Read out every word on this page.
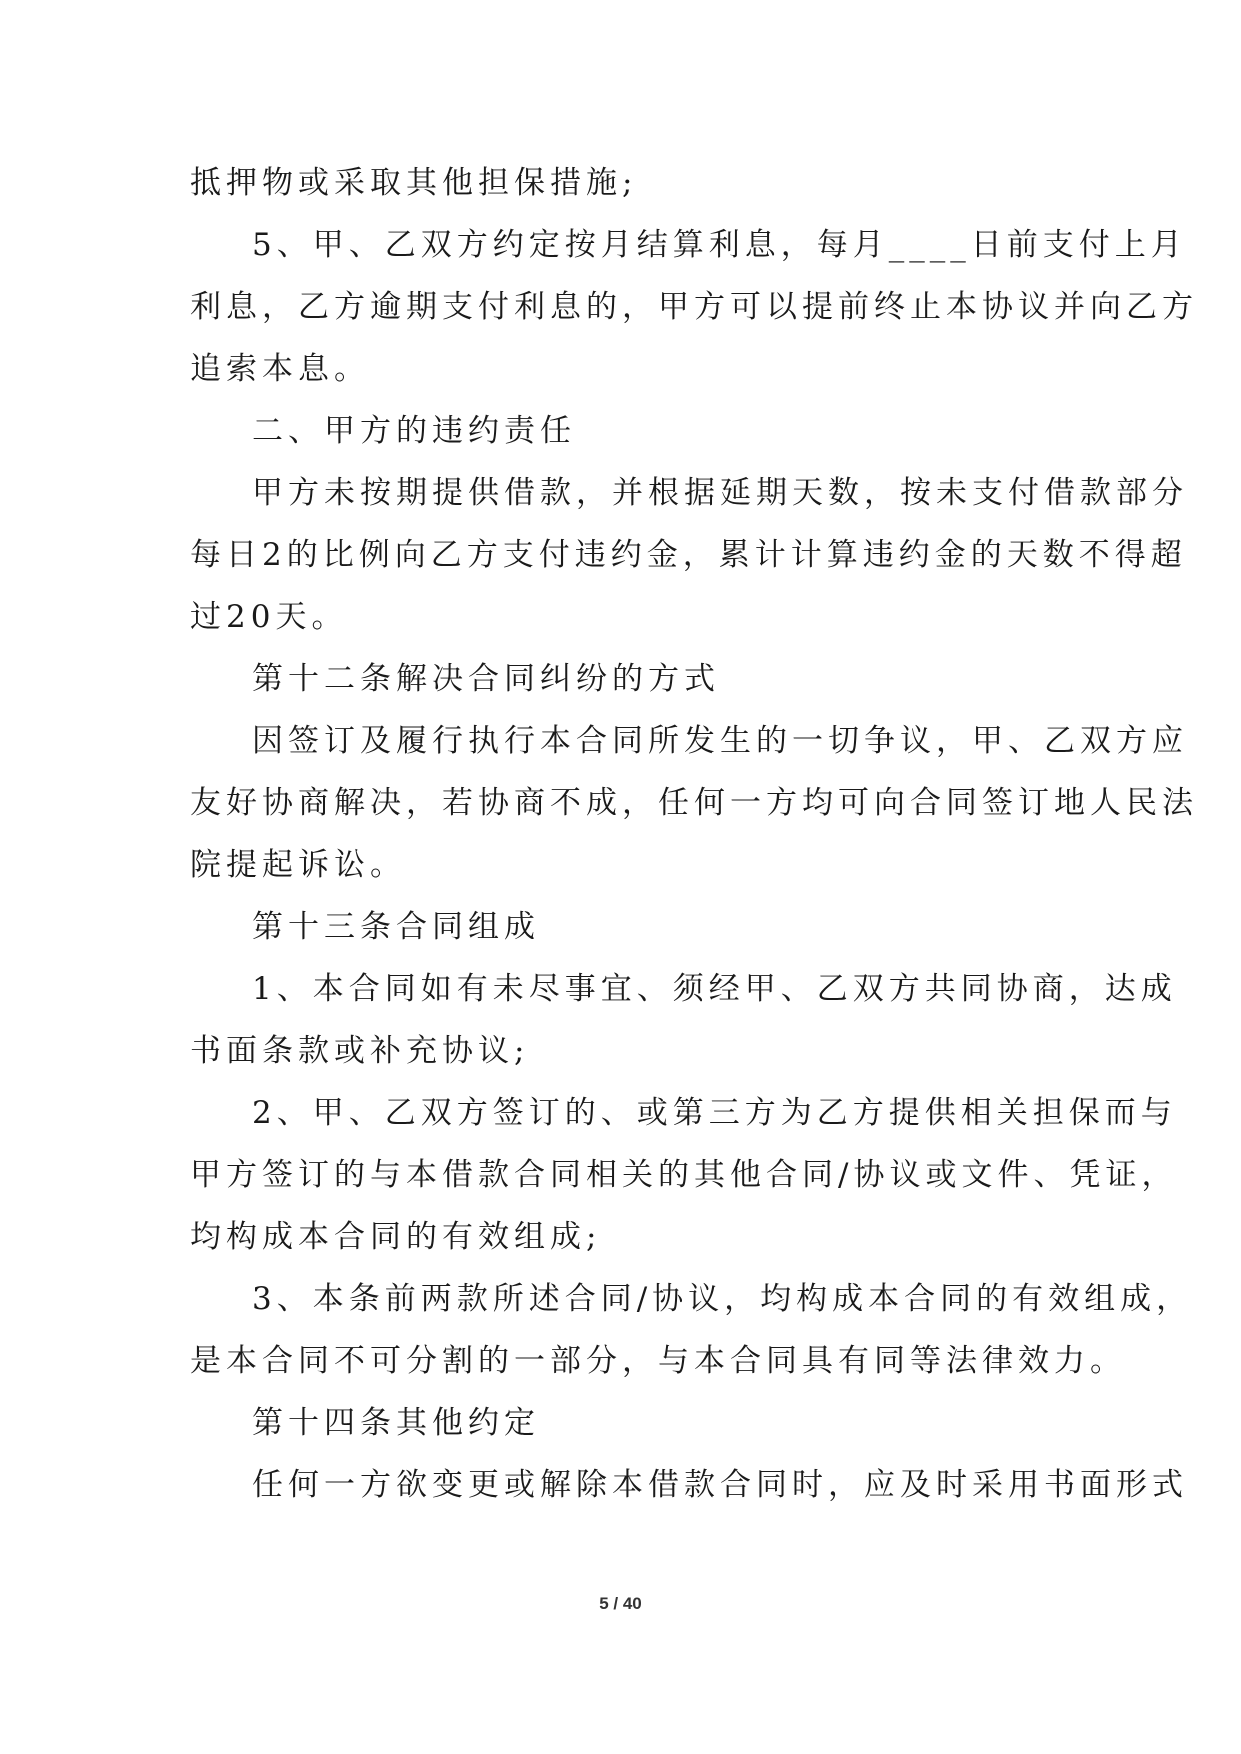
抵押物或采取其他担保措施;

5、甲、乙双方约定按月结算利息，每月____日前支付上月
利息，乙方逾期支付利息的，甲方可以提前终止本协议并向乙方
追索本息。

二、甲方的违约责任

甲方未按期提供借款，并根据延期天数，按未支付借款部分
每日2的比例向乙方支付违约金，累计计算违约金的天数不得超
过20天。

第十二条解决合同纠纷的方式

因签订及履行执行本合同所发生的一切争议，甲、乙双方应
友好协商解决，若协商不成，任何一方均可向合同签订地人民法
院提起诉讼。

第十三条合同组成

1、本合同如有未尽事宜、须经甲、乙双方共同协商，达成
书面条款或补充协议;

2、甲、乙双方签订的、或第三方为乙方提供相关担保而与
甲方签订的与本借款合同相关的其他合同/协议或文件、凭证，
均构成本合同的有效组成;

3、本条前两款所述合同/协议，均构成本合同的有效组成，
是本合同不可分割的一部分，与本合同具有同等法律效力。

第十四条其他约定

任何一方欲变更或解除本借款合同时，应及时采用书面形式

5 / 40
